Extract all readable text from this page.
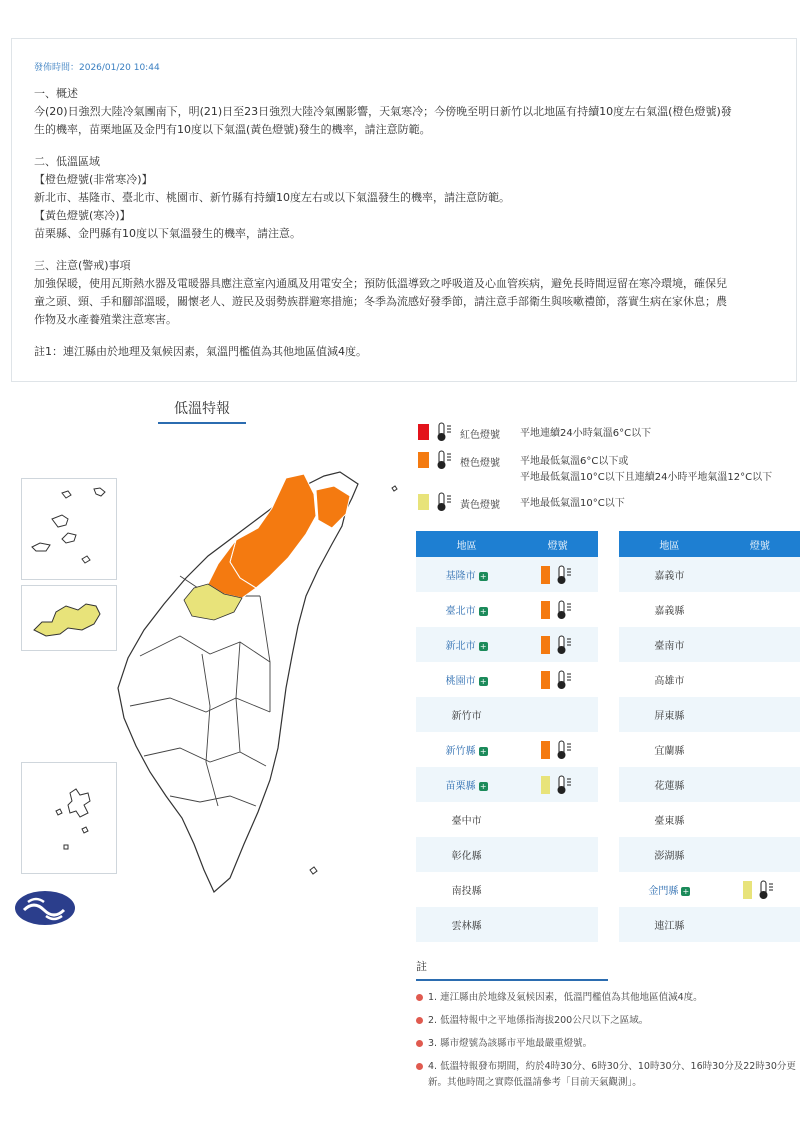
發佈時間：2026/01/20 10:44

一、概述

今(20)日強烈大陸冷氣團南下，明(21)日至23日強烈大陸冷氣團影響，天氣寒冷；今傍晚至明日新竹以北地區有持續10度左右氣溫(橙色燈號)發

生的機率，苗栗地區及金門有10度以下氣溫(黃色燈號)發生的機率，請注意防範。

二、低溫區域

【橙色燈號(非常寒冷)】

新北市、基隆市、臺北市、桃園市、新竹縣有持續10度左右或以下氣溫發生的機率，請注意防範。

【黃色燈號(寒冷)】

苗栗縣、金門縣有10度以下氣溫發生的機率，請注意。

三、注意(警戒)事項

加強保暖，使用瓦斯熱水器及電暖器具應注意室內通風及用電安全；預防低溫導致之呼吸道及心血管疾病，避免長時間逗留在寒冷環境，確保兒

童之頭、頸、手和腳部溫暖，關懷老人、遊民及弱勢族群避寒措施；冬季為流感好發季節，請注意手部衛生與咳嗽禮節，落實生病在家休息；農

作物及水產養殖業注意寒害。

註1：連江縣由於地理及氣候因素，氣溫門檻值為其他地區值減4度。

低溫特報
紅色燈號 平地連續24小時氣溫6°C以下
橙色燈號 平地最低氣溫6°C以下或
平地最低氣溫10°C以下且連續24小時平地氣溫12°C以下
黃色燈號 平地最低氣溫10°C以下
地區	燈號
基隆市 +	
臺北市 +	
新北市 +	
桃園市 +	
新竹市	
新竹縣 +	
苗栗縣 +	
臺中市	
彰化縣	
南投縣	
雲林縣	
地區	燈號
嘉義市	
嘉義縣	
臺南市	
高雄市	
屏東縣	
宜蘭縣	
花蓮縣	
臺東縣	
澎湖縣	
金門縣 +	
連江縣	
註
1. 連江縣由於地緣及氣候因素，低溫門檻值為其他地區值減4度。
2. 低溫特報中之平地係指海拔200公尺以下之區域。
3. 縣市燈號為該縣市平地最嚴重燈號。
4. 低溫特報發布期間，約於4時30分、6時30分、10時30分、16時30分及22時30分更新。其他時間之實際低溫請參考「目前天氣觀測」。
